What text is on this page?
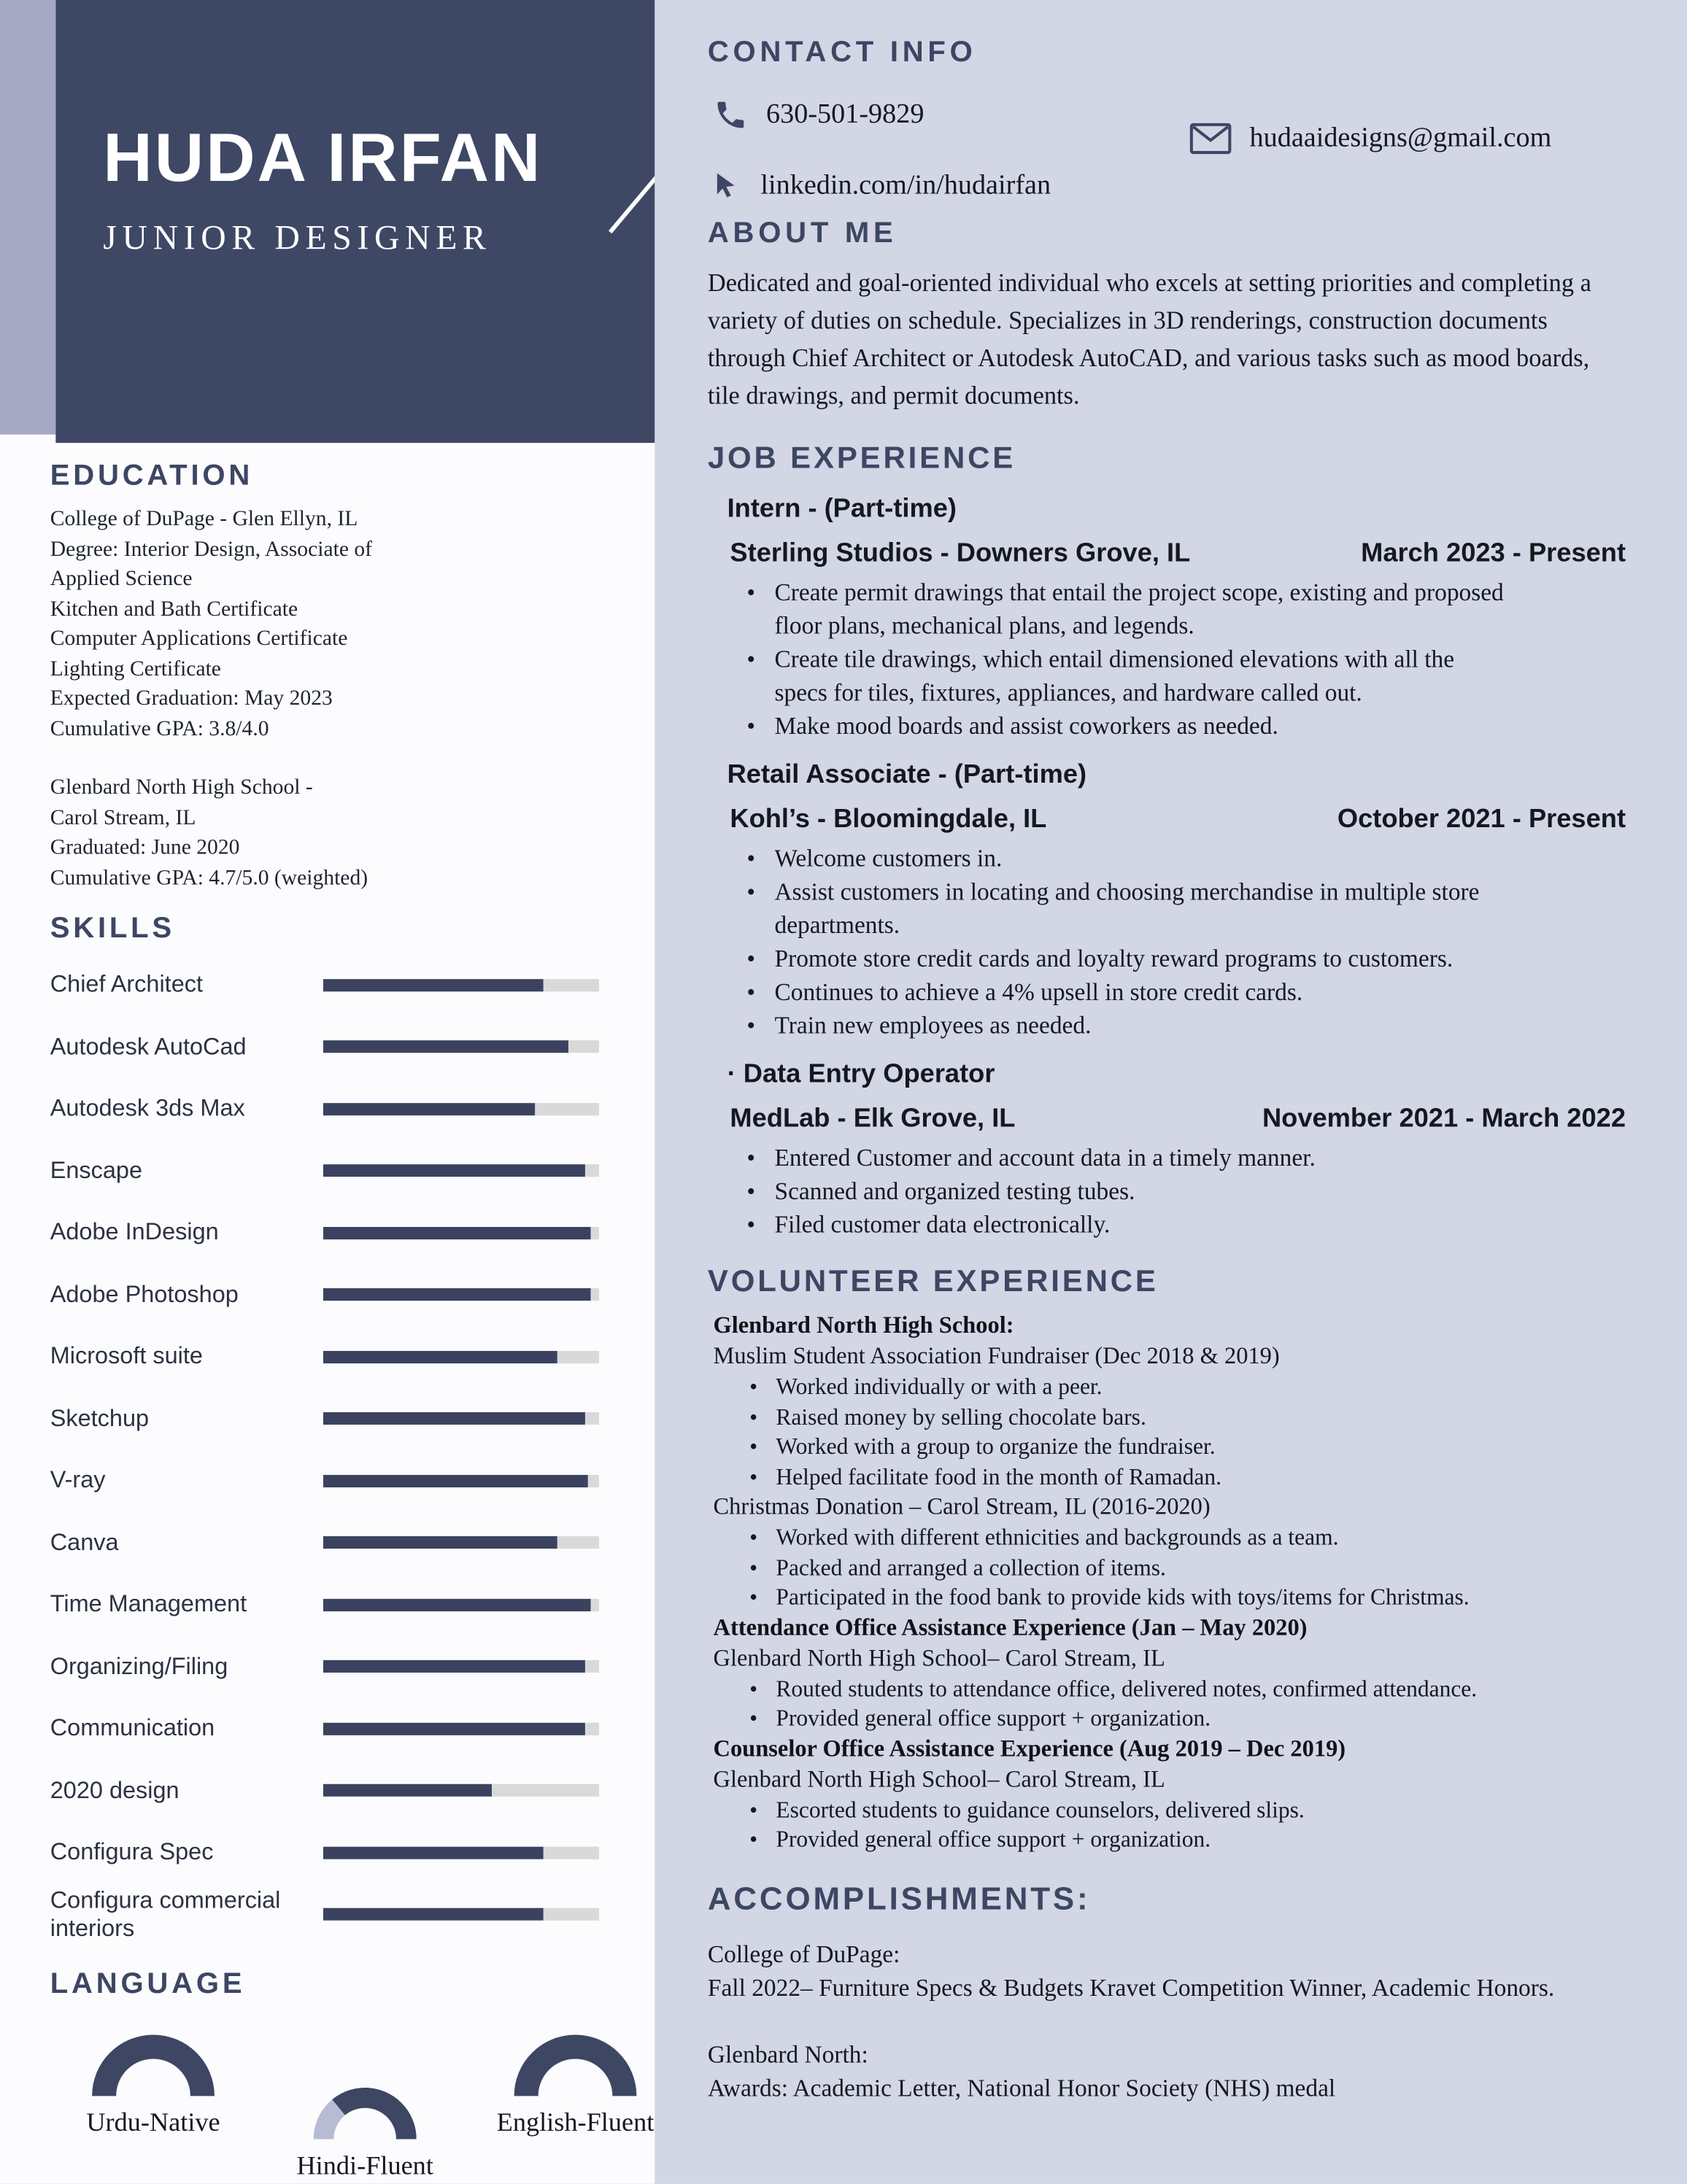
HUDA IRFAN
JUNIOR DESIGNER
EDUCATION

College of DuPage - Glen Ellyn, IL

Degree: Interior Design, Associate of Applied Science

Kitchen and Bath Certificate

Computer Applications Certificate

Lighting Certificate

Expected Graduation: May 2023

Cumulative GPA: 3.8/4.0

Glenbard North High School -

Carol Stream, IL

Graduated: June 2020

Cumulative GPA: 4.7/5.0 (weighted)

SKILLS
Chief Architect
Autodesk AutoCad
Autodesk 3ds Max
Enscape
Adobe InDesign
Adobe Photoshop
Microsoft suite
Sketchup
V-ray
Canva
Time Management
Organizing/Filing
Communication
2020 design
Configura Spec
Configura commercial interiors
LANGUAGE
Urdu-Native
Hindi-Fluent
English-Fluent
CONTACT INFO
630-501-9829
hudaaidesigns@gmail.com
linkedin.com/in/hudairfan
ABOUT ME

Dedicated and goal-oriented individual who excels at setting priorities and completing a variety of duties on schedule. Specializes in 3D renderings, construction documents through Chief Architect or Autodesk AutoCAD, and various tasks such as mood boards, tile drawings, and permit documents.

JOB EXPERIENCE
Intern - (Part-time)
Sterling Studios - Downers Grove, IL	March 2023 - Present
• Create permit drawings that entail the project scope, existing and proposed floor plans, mechanical plans, and legends.
• Create tile drawings, which entail dimensioned elevations with all the specs for tiles, fixtures, appliances, and hardware called out.
• Make mood boards and assist coworkers as needed.
Retail Associate - (Part-time)
Kohl’s - Bloomingdale, IL	October 2021 - Present
• Welcome customers in.
• Assist customers in locating and choosing merchandise in multiple store departments.
• Promote store credit cards and loyalty reward programs to customers.
• Continues to achieve a 4% upsell in store credit cards.
• Train new employees as needed.
· Data Entry Operator
MedLab - Elk Grove, IL	November 2021 - March 2022
• Entered Customer and account data in a timely manner.
• Scanned and organized testing tubes.
• Filed customer data electronically.
VOLUNTEER EXPERIENCE
Glenbard North High School:
Muslim Student Association Fundraiser (Dec 2018 & 2019)
• Worked individually or with a peer.
• Raised money by selling chocolate bars.
• Worked with a group to organize the fundraiser.
• Helped facilitate food in the month of Ramadan.
Christmas Donation – Carol Stream, IL (2016-2020)
• Worked with different ethnicities and backgrounds as a team.
• Packed and arranged a collection of items.
• Participated in the food bank to provide kids with toys/items for Christmas.
Attendance Office Assistance Experience (Jan – May 2020)
Glenbard North High School– Carol Stream, IL
• Routed students to attendance office, delivered notes, confirmed attendance.
• Provided general office support + organization.
Counselor Office Assistance Experience (Aug 2019 – Dec 2019)
Glenbard North High School– Carol Stream, IL
• Escorted students to guidance counselors, delivered slips.
• Provided general office support + organization.
ACCOMPLISHMENTS:
College of DuPage:
Fall 2022– Furniture Specs & Budgets Kravet Competition Winner, Academic Honors.
Glenbard North:
Awards: Academic Letter, National Honor Society (NHS) medal
